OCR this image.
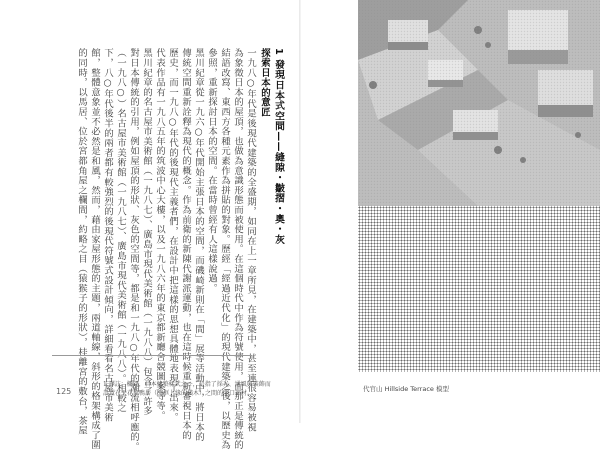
1 發現日本式空間——縫隙・皺摺・奧・灰
探索日本的意匠
一九八○年代是後現代建築的全盛期，如同在上一章所見，在建築中，甚至連很容易被視
為象徵日本的屋頂，也做為意識形態而被使用。在這個時代中作為符號使用，而那正是傳統的
結語改寫、東西方各種元素作為拼貼的對象。歷經「經過近代化」的現代建築之後，以歷史為
參照，重新探討日本的空間。在當時曾經有人這樣說過。
黑川紀章從一九六○年代開始主張日本的空間，而磯崎新則在「間」展等活動中，將日本的
傳統空間重新詮釋為現代的概念。作為前衛的新陳代謝派運動，也在這時候重新審視日本的
歷史，而一九八○年代的後現代主義者們，在設計中把這樣的思想具體地表現了出來。
代表作品有一九八五年的筑波中心大樓，以及一九八六年的東京都新廳舍競圖案等等。
黑川紀章的名古屋市美術館（一九八七）、廣島市現代美術館（一九八八）包含了許多
對日本傳統的引用，例如屋頂的形狀、灰色的空間等，都是和一九八○年代的潮流相呼應的。
（一九八○）名古屋市美術館（一九八七）、廣島市現代美術館（一九八八）。相較之
下，八○年代後半的兩者都有較強烈的後現代符號式設計傾向，詳細看看名古屋市美術
館，整體意象並不必然是和風，然而，藉由家屋形態的主題，兩道軸線，斜形的格架構成了圍
的同時，以馬居、位於宮都角屋之欄間，約略之目（猿猴子的形狀），桂離宮的敷台，茶屋
125
1.譯註：欄間，日本建築樣式之一，是指了採光、通風與裝飾而
設置在天花與鴨居（門框上緣的橫木）之間的開口部材。
代官山 Hillside Terrace 模型
